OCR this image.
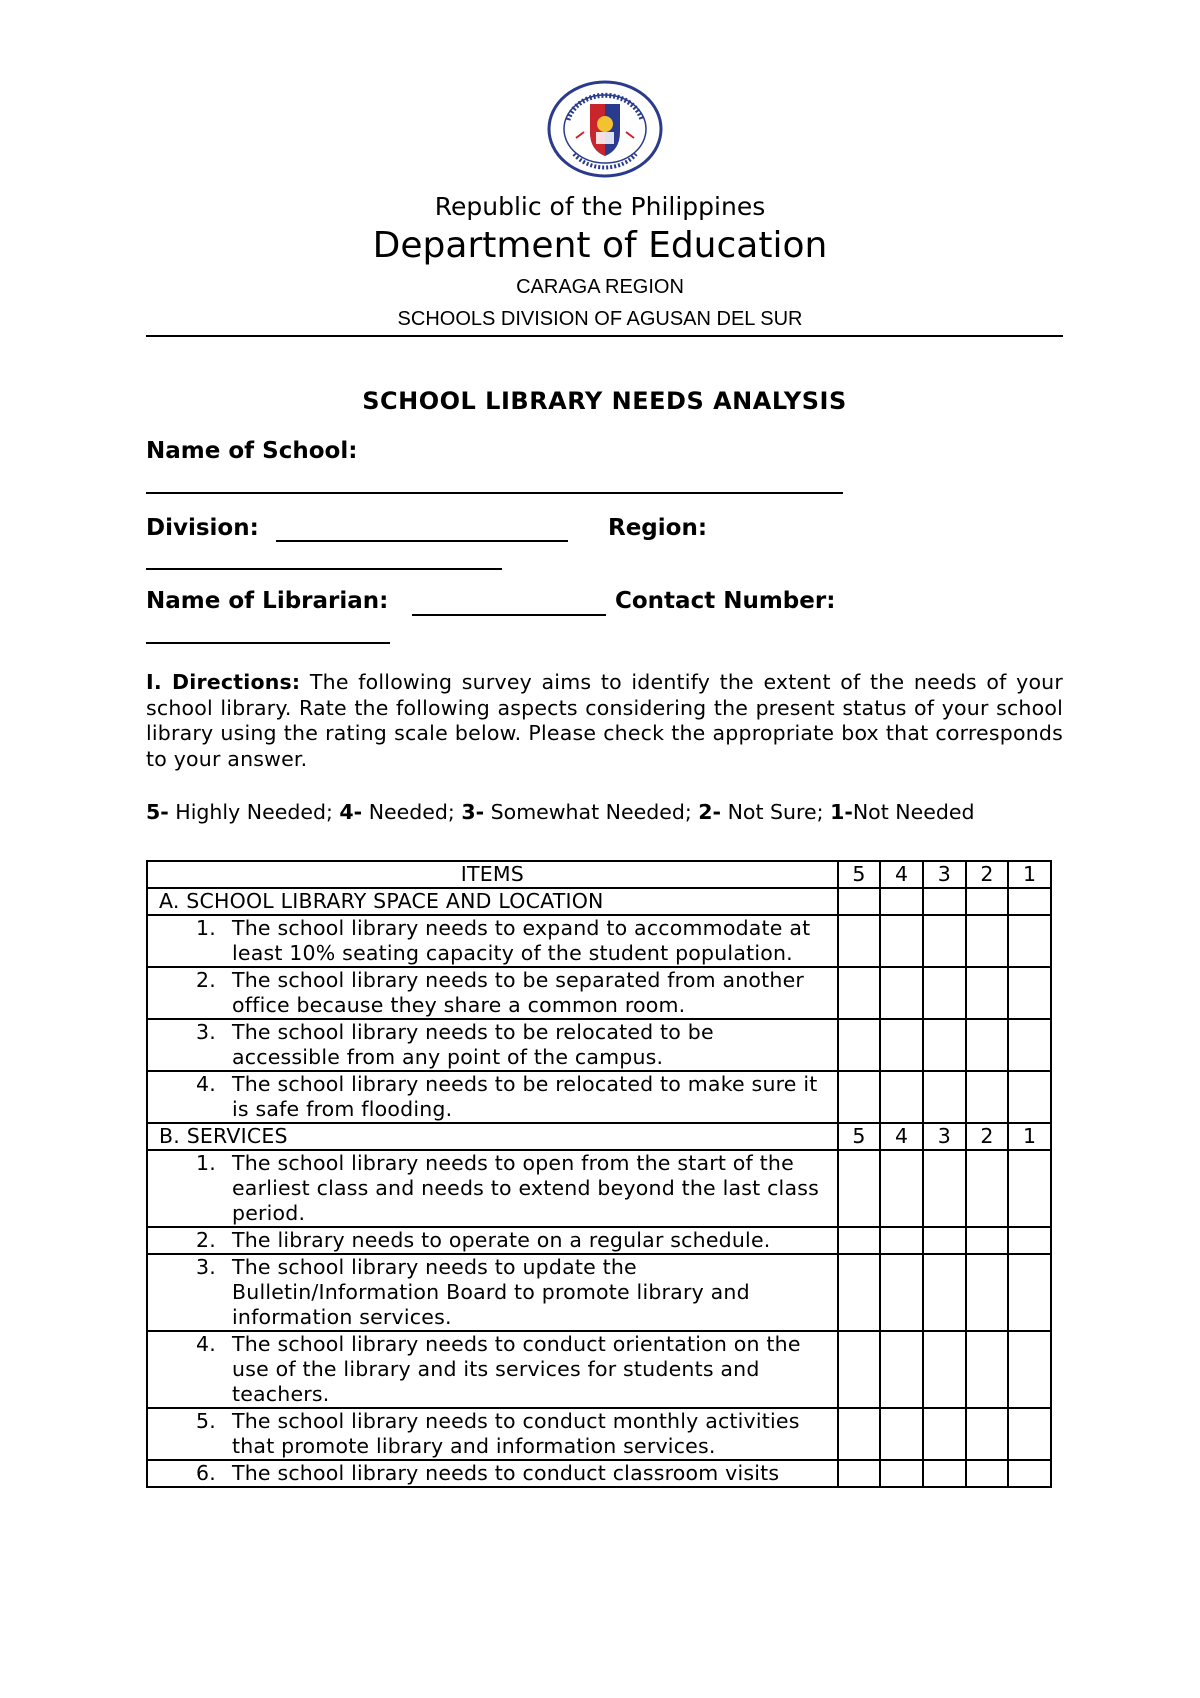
Republic of the Philippines
Department of Education
CARAGA REGION
SCHOOLS DIVISION OF AGUSAN DEL SUR
SCHOOL LIBRARY NEEDS ANALYSIS
Name of School:
Division:	Region:
Name of Librarian:	Contact Number:
I. Directions: The following survey aims to identify the extent of the needs of your school library. Rate the following aspects considering the present status of your school library using the rating scale below. Please check the appropriate box that corresponds to your answer.
5- Highly Needed; 4- Needed; 3- Somewhat Needed; 2- Not Sure; 1-Not Needed
ITEMS	5	4	3	2	1
A. SCHOOL LIBRARY SPACE AND LOCATION					

1. The school library needs to expand to accommodate at least 10% seating capacity of the student population.					

2. The school library needs to be separated from another office because they share a common room.					

3. The school library needs to be relocated to be accessible from any point of the campus.					

4. The school library needs to be relocated to make sure it is safe from flooding.					

B. SERVICES	5	4	3	2	1

1. The school library needs to open from the start of the earliest class and needs to extend beyond the last class period.					

2. The library needs to operate on a regular schedule.					

3. The school library needs to update the Bulletin/Information Board to promote library and information services.					

4. The school library needs to conduct orientation on the use of the library and its services for students and teachers.					

5. The school library needs to conduct monthly activities that promote library and information services.					

6. The school library needs to conduct classroom visits					
